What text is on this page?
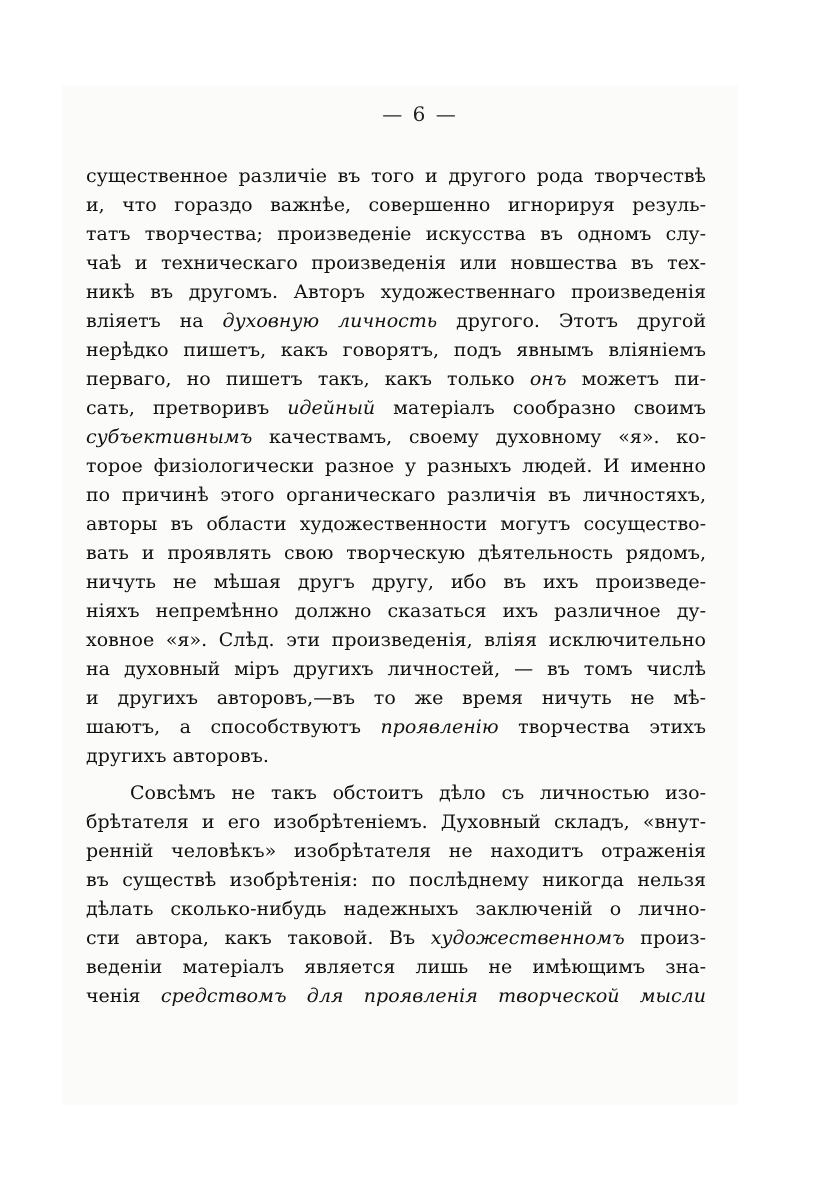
— 6 —
существенное различіе въ того и другого рода творчествѣ
и, что гораздо важнѣе, совершенно игнорируя резуль-
татъ творчества; произведеніе искусства въ одномъ слу-
чаѣ и техническаго произведенія или новшества въ тех-
никѣ въ другомъ. Авторъ художественнаго произведенія
вліяетъ на духовную личность другого. Этотъ другой
нерѣдко пишетъ, какъ говорятъ, подъ явнымъ вліяніемъ
перваго, но пишетъ такъ, какъ только онъ можетъ пи-
сать, претворивъ идейный матеріалъ сообразно своимъ
субъективнымъ качествамъ, своему духовному «я». ко-
торое физіологически разное у разныхъ людей. И именно
по причинѣ этого органическаго различія въ личностяхъ,
авторы въ области художественности могутъ сосуществo-
вать и проявлять свою творческую дѣятельность рядомъ,
ничуть не мѣшая другъ другу, ибо въ ихъ произведе-
ніяхъ непремѣнно должно сказаться ихъ различное ду-
ховное «я». Слѣд. эти произведенія, вліяя исключительно
на духовный міръ другихъ личностей, — въ томъ числѣ
и другихъ авторовъ,—въ то же время ничуть не мѣ-
шаютъ, а способствуютъ проявленію творчества этихъ
другихъ авторовъ.
Совсѣмъ не такъ обстоитъ дѣло съ личностью изо-
брѣтателя и его изобрѣтеніемъ. Духовный складъ, «внут-
ренній человѣкъ» изобрѣтателя не находитъ отраженія
въ существѣ изобрѣтенія: по послѣднему никогда нельзя
дѣлать сколько-нибудь надежныхъ заключеній о лично-
сти автора, какъ таковой. Въ художественномъ произ-
веденіи матеріалъ является лишь не имѣющимъ зна-
ченія средствомъ для проявленія творческой мысли
